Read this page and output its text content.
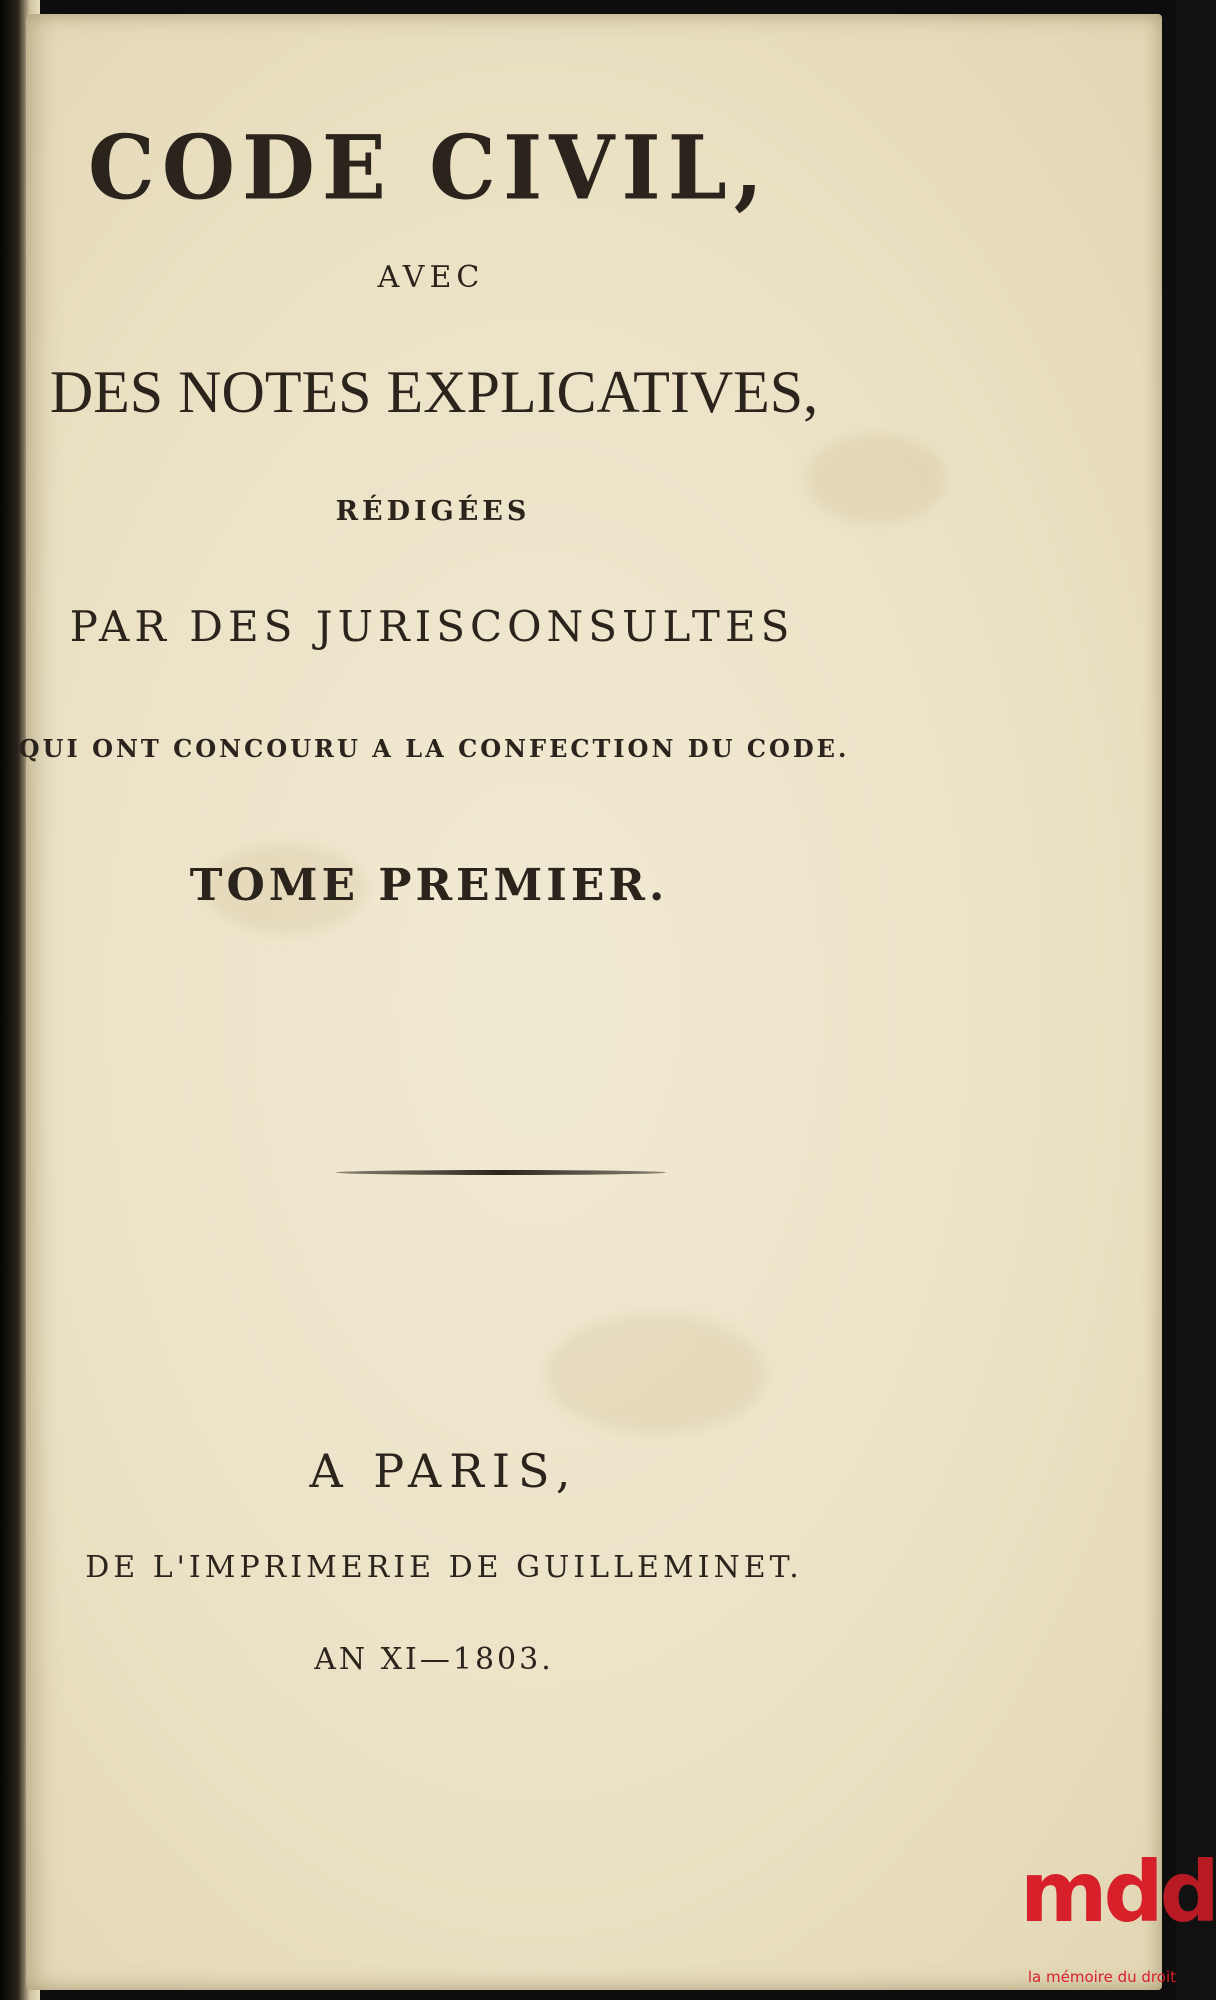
CODE CIVIL,
AVEC
DES NOTES EXPLICATIVES,
RÉDIGÉES
PAR DES JURISCONSULTES
QUI ONT CONCOURU A LA CONFECTION DU CODE.
TOME PREMIER.
A PARIS,
DE L'IMPRIMERIE DE GUILLEMINET.
AN XI—1803.
mdd
la mémoire du droit
